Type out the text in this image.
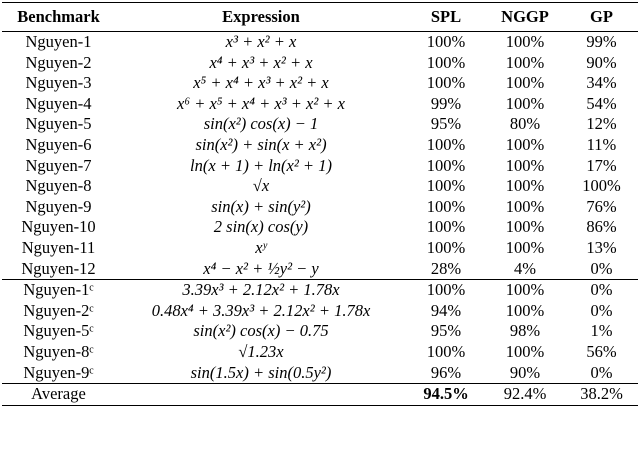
Benchmark	Expression	SPL	NGGP	GP
Nguyen-1	x³ + x² + x	100%	100%	99%
Nguyen-2	x⁴ + x³ + x² + x	100%	100%	90%
Nguyen-3	x⁵ + x⁴ + x³ + x² + x	100%	100%	34%
Nguyen-4	x⁶ + x⁵ + x⁴ + x³ + x² + x	99%	100%	54%
Nguyen-5	sin(x²) cos(x) − 1	95%	80%	12%
Nguyen-6	sin(x²) + sin(x + x²)	100%	100%	11%
Nguyen-7	ln(x + 1) + ln(x² + 1)	100%	100%	17%
Nguyen-8	√x	100%	100%	100%
Nguyen-9	sin(x) + sin(y²)	100%	100%	76%
Nguyen-10	2 sin(x) cos(y)	100%	100%	86%
Nguyen-11	xʸ	100%	100%	13%
Nguyen-12	x⁴ − x² + ½y² − y	28%	4%	0%
Nguyen-1ᶜ	3.39x³ + 2.12x² + 1.78x	100%	100%	0%
Nguyen-2ᶜ	0.48x⁴ + 3.39x³ + 2.12x² + 1.78x	94%	100%	0%
Nguyen-5ᶜ	sin(x²) cos(x) − 0.75	95%	98%	1%
Nguyen-8ᶜ	√1.23x	100%	100%	56%
Nguyen-9ᶜ	sin(1.5x) + sin(0.5y²)	96%	90%	0%
Average		94.5%	92.4%	38.2%
